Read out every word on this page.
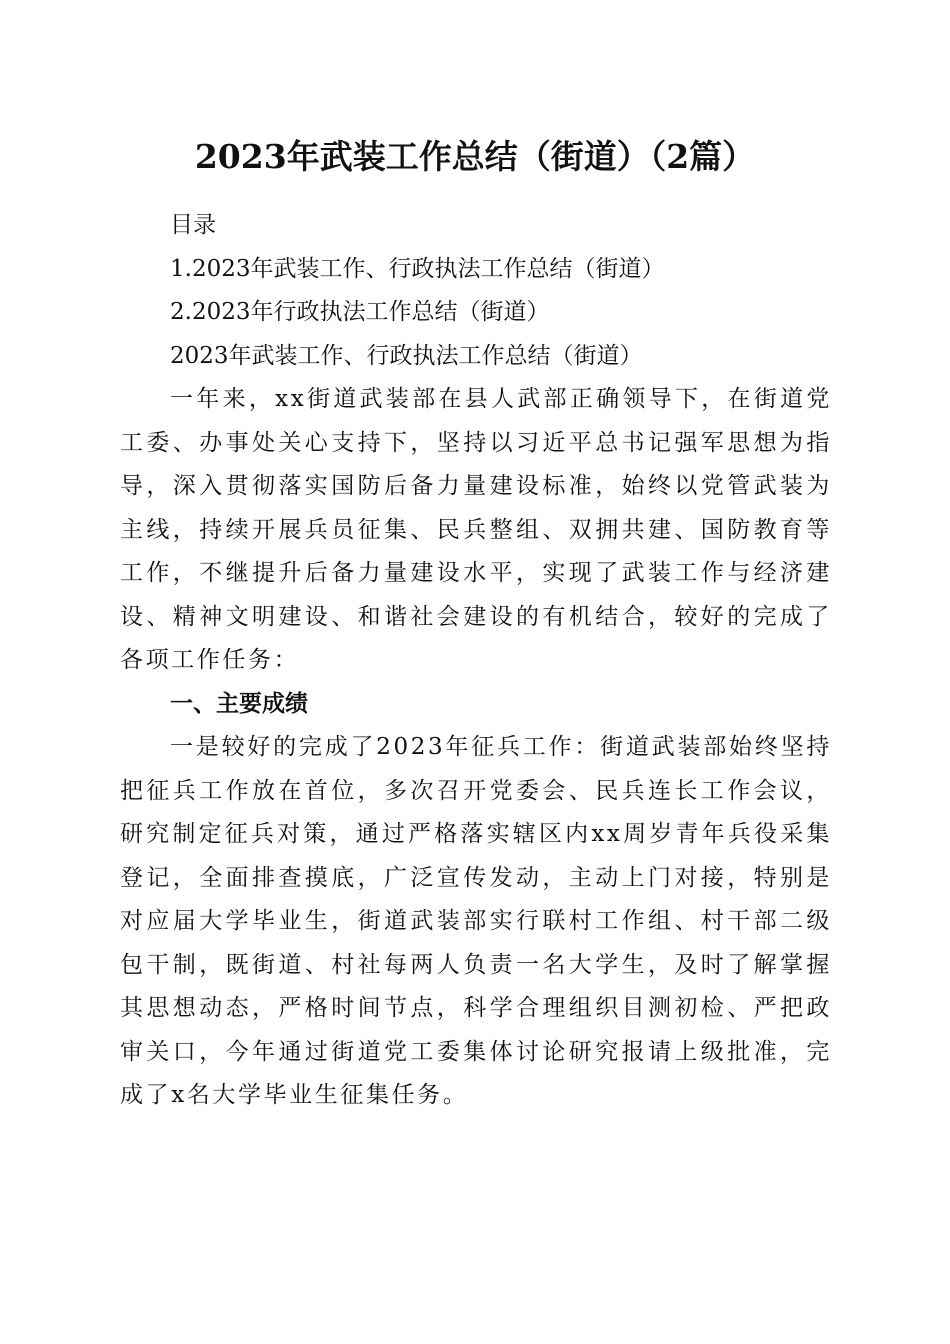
2023年武装工作总结（街道）（2篇）

目录

1.2023年武装工作、行政执法工作总结（街道）

2.2023年行政执法工作总结（街道）

2023年武装工作、行政执法工作总结（街道）

一年来，xx街道武装部在县人武部正确领导下，在街道党工委、办事处关心支持下，坚持以习近平总书记强军思想为指导，深入贯彻落实国防后备力量建设标准，始终以党管武装为主线，持续开展兵员征集、民兵整组、双拥共建、国防教育等工作，不继提升后备力量建设水平，实现了武装工作与经济建设、精神文明建设、和谐社会建设的有机结合，较好的完成了各项工作任务：

一、主要成绩

一是较好的完成了2023年征兵工作：街道武装部始终坚持把征兵工作放在首位，多次召开党委会、民兵连长工作会议，研究制定征兵对策，通过严格落实辖区内xx周岁青年兵役采集登记，全面排查摸底，广泛宣传发动，主动上门对接，特别是对应届大学毕业生，街道武装部实行联村工作组、村干部二级包干制，既街道、村社每两人负责一名大学生，及时了解掌握其思想动态，严格时间节点，科学合理组织目测初检、严把政审关口，今年通过街道党工委集体讨论研究报请上级批准，完成了x名大学毕业生征集任务。
